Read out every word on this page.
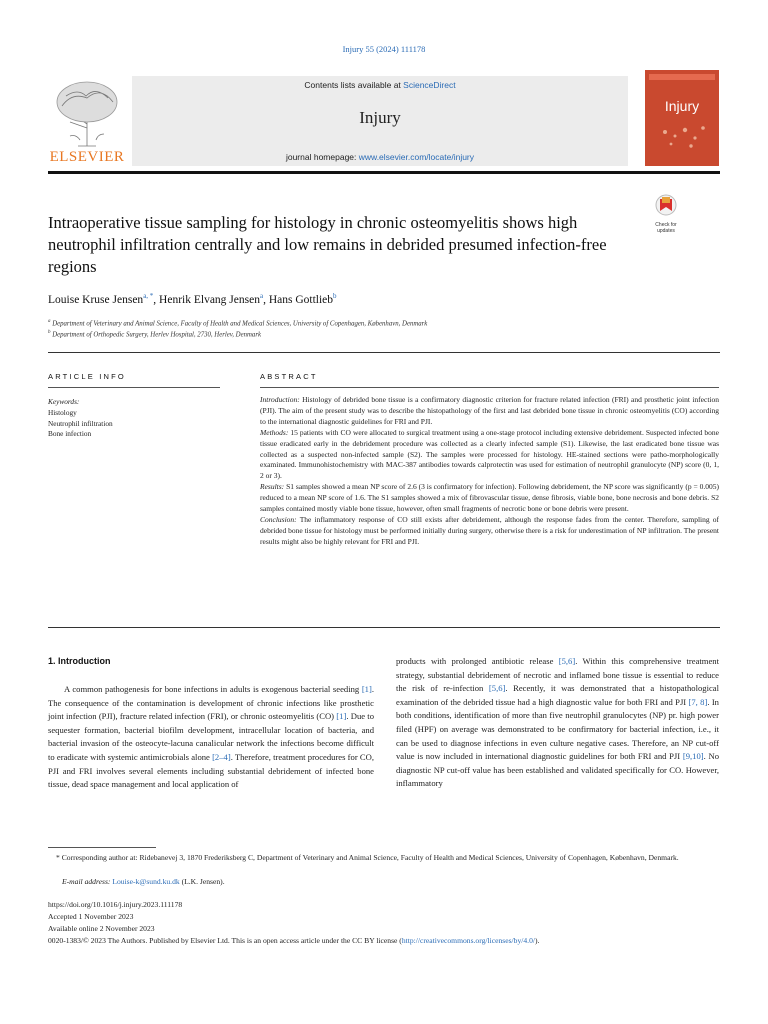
Injury 55 (2024) 111178
ELSEVIER
Contents lists available at ScienceDirect
Injury
journal homepage: www.elsevier.com/locate/injury
Injury
Check for updates
Intraoperative tissue sampling for histology in chronic osteomyelitis shows high neutrophil infiltration centrally and low remains in debrided presumed infection-free regions
Louise Kruse Jensen$^{a, *}$, Henrik Elvang Jensen$^a$, Hans Gottlieb$^b$
$^a$ Department of Veterinary and Animal Science, Faculty of Health and Medical Sciences, University of Copenhagen, København, Denmark
$^b$ Department of Orthopedic Surgery, Herlev Hospital, 2730, Herlev, Denmark
ARTICLE INFO
Keywords:
Histology
Neutrophil infiltration
Bone infection
ABSTRACT

Introduction: Histology of debrided bone tissue is a confirmatory diagnostic criterion for fracture related infection (FRI) and prosthetic joint infection (PJI). The aim of the present study was to describe the histopathology of the first and last debrided bone tissue in chronic osteomyelitis (CO) according to the international diagnostic guidelines for FRI and PJI.

Methods: 15 patients with CO were allocated to surgical treatment using a one-stage protocol including extensive debridement. Suspected infected bone tissue eradicated early in the debridement procedure was collected as a clearly infected sample (S1). Likewise, the last eradicated bone tissue was collected as a suspected non-infected sample (S2). The samples were processed for histology. HE-stained sections were patho-morphologically examinated. Immunohistochemistry with MAC-387 antibodies towards calprotectin was used for estimation of neutrophil granulocyte (NP) score (0, 1, 2 or 3).

Results: S1 samples showed a mean NP score of 2.6 (3 is confirmatory for infection). Following debridement, the NP score was significantly (p = 0.005) reduced to a mean NP score of 1.6. The S1 samples showed a mix of fibrovascular tissue, dense fibrosis, viable bone, bone necrosis and bone debris. S2 samples contained mostly viable bone tissue, however, often small fragments of necrotic bone or bone debris were present.

Conclusion: The inflammatory response of CO still exists after debridement, although the response fades from the center. Therefore, sampling of debrided bone tissue for histology must be performed initially during surgery, otherwise there is a risk for underestimation of NP infiltration. The present results might also be highly relevant for FRI and PJI.

1. Introduction

A common pathogenesis for bone infections in adults is exogenous bacterial seeding [1]. The consequence of the contamination is development of chronic infections like prosthetic joint infection (PJI), fracture related infection (FRI), or chronic osteomyelitis (CO) [1]. Due to sequester formation, bacterial biofilm development, intracellular location of bacteria, and bacterial invasion of the osteocyte-lacuna canalicular network the infections become difficult to eradicate with systemic antimicrobials alone [2–4]. Therefore, treatment procedures for CO, PJI and FRI involves several elements including substantial debridement of infected bone tissue, dead space management and local application of

products with prolonged antibiotic release [5,6]. Within this comprehensive treatment strategy, substantial debridement of necrotic and inflamed bone tissue is essential to reduce the risk of re-infection [5,6]. Recently, it was demonstrated that a histopathological examination of the debrided tissue had a high diagnostic value for both FRI and PJI [7, 8]. In both conditions, identification of more than five neutrophil granulocytes (NP) pr. high power filed (HPF) on average was demonstrated to be confirmatory for bacterial infection, i.e., it can be used to diagnose infections in even culture negative cases. Therefore, an NP cut-off value is now included in international diagnostic guidelines for both FRI and PJI [9,10]. No diagnostic NP cut-off value has been established and validated specifically for CO. However, inflammatory

* Corresponding author at: Ridebanevej 3, 1870 Frederiksberg C, Department of Veterinary and Animal Science, Faculty of Health and Medical Sciences, University of Copenhagen, København, Denmark.
E-mail address: Louise-k@sund.ku.dk (L.K. Jensen).
https://doi.org/10.1016/j.injury.2023.111178
Accepted 1 November 2023
Available online 2 November 2023
0020-1383/© 2023 The Authors. Published by Elsevier Ltd. This is an open access article under the CC BY license (http://creativecommons.org/licenses/by/4.0/).
